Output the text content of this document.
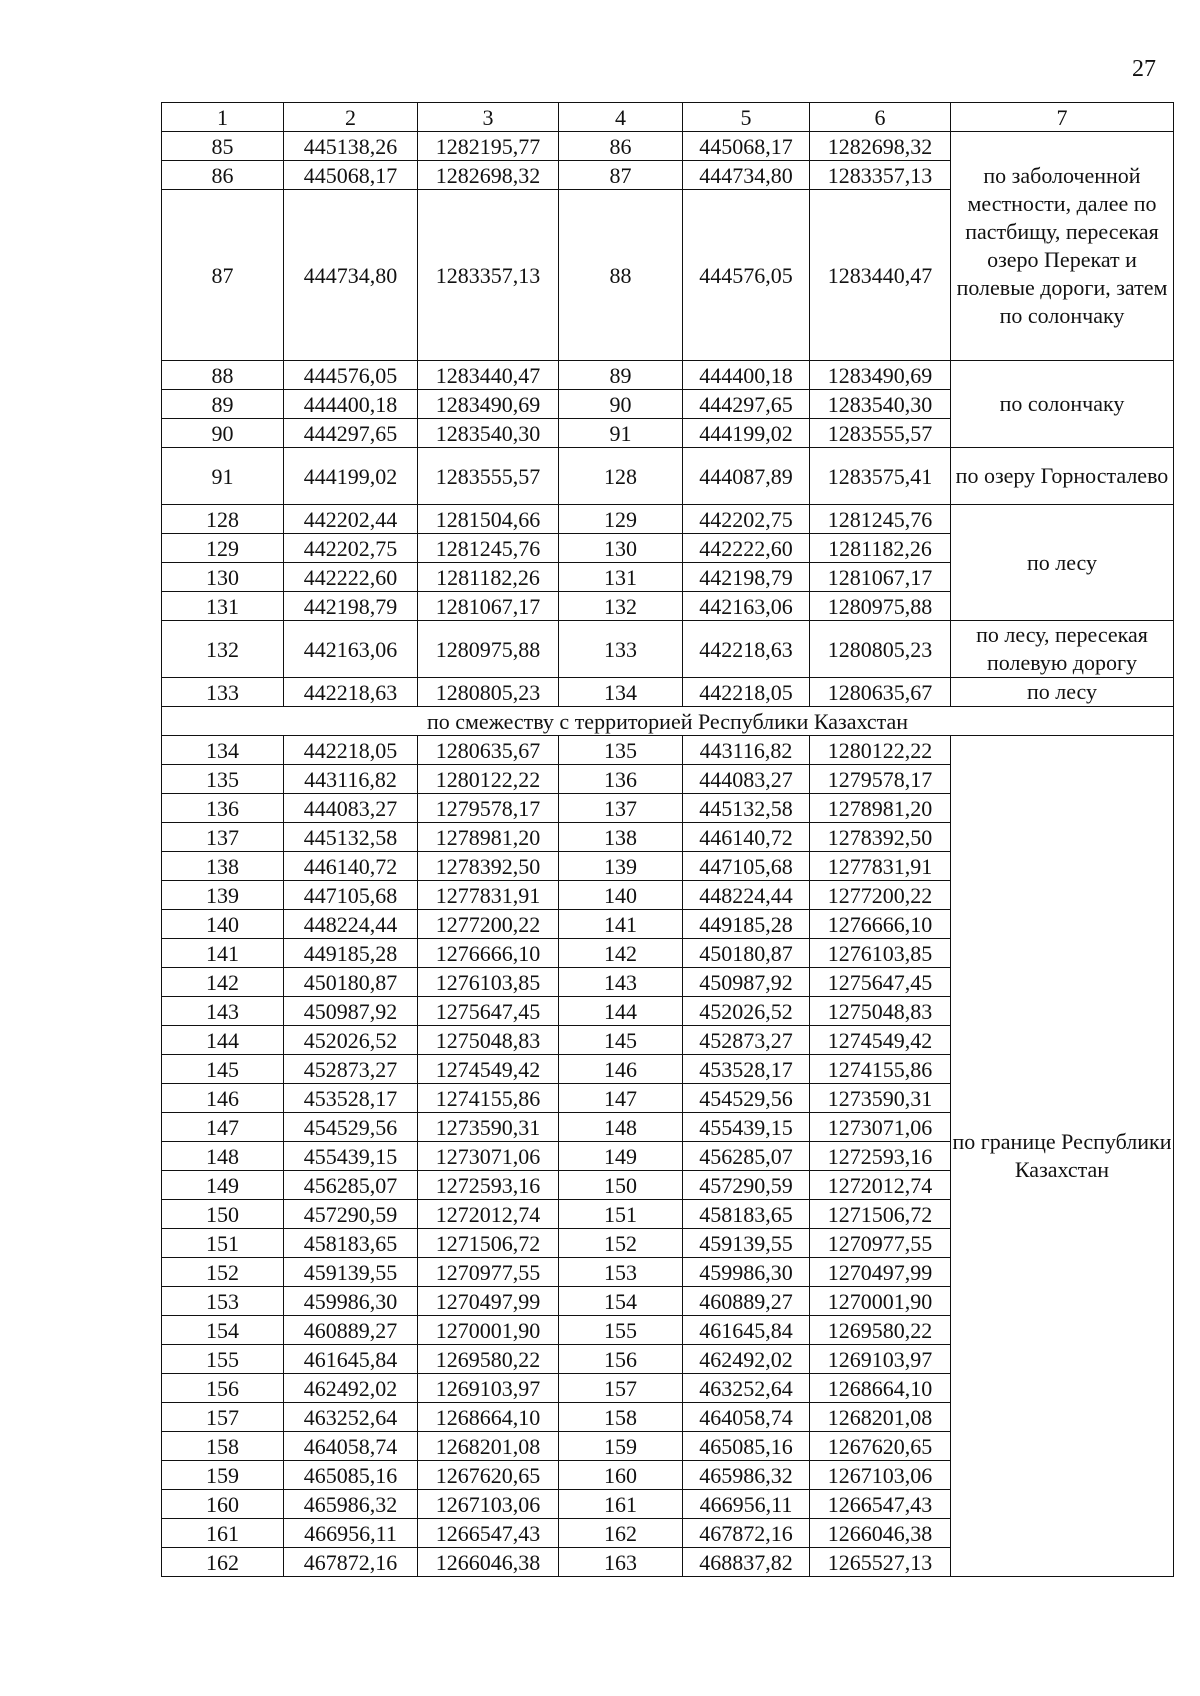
27
1	2	3	4	5	6	7
85	445138,26	1282195,77	86	445068,17	1282698,32	по заболоченной местности, далее по пастбищу, пересекая озеро Перекат и полевые дороги, затем по солончаку
86	445068,17	1282698,32	87	444734,80	1283357,13	
87	444734,80	1283357,13	88	444576,05	1283440,47	
88	444576,05	1283440,47	89	444400,18	1283490,69	по солончаку
89	444400,18	1283490,69	90	444297,65	1283540,30	
90	444297,65	1283540,30	91	444199,02	1283555,57	
91	444199,02	1283555,57	128	444087,89	1283575,41	по озеру Горносталево
128	442202,44	1281504,66	129	442202,75	1281245,76	по лесу
129	442202,75	1281245,76	130	442222,60	1281182,26	
130	442222,60	1281182,26	131	442198,79	1281067,17	
131	442198,79	1281067,17	132	442163,06	1280975,88	
132	442163,06	1280975,88	133	442218,63	1280805,23	по лесу, пересекая полевую дорогу
133	442218,63	1280805,23	134	442218,05	1280635,67	по лесу
по смежеству с территорией Республики Казахстан						
134	442218,05	1280635,67	135	443116,82	1280122,22	по границе Республики Казахстан
135	443116,82	1280122,22	136	444083,27	1279578,17	
136	444083,27	1279578,17	137	445132,58	1278981,20	
137	445132,58	1278981,20	138	446140,72	1278392,50	
138	446140,72	1278392,50	139	447105,68	1277831,91	
139	447105,68	1277831,91	140	448224,44	1277200,22	
140	448224,44	1277200,22	141	449185,28	1276666,10	
141	449185,28	1276666,10	142	450180,87	1276103,85	
142	450180,87	1276103,85	143	450987,92	1275647,45	
143	450987,92	1275647,45	144	452026,52	1275048,83	
144	452026,52	1275048,83	145	452873,27	1274549,42	
145	452873,27	1274549,42	146	453528,17	1274155,86	
146	453528,17	1274155,86	147	454529,56	1273590,31	
147	454529,56	1273590,31	148	455439,15	1273071,06	
148	455439,15	1273071,06	149	456285,07	1272593,16	
149	456285,07	1272593,16	150	457290,59	1272012,74	
150	457290,59	1272012,74	151	458183,65	1271506,72	
151	458183,65	1271506,72	152	459139,55	1270977,55	
152	459139,55	1270977,55	153	459986,30	1270497,99	
153	459986,30	1270497,99	154	460889,27	1270001,90	
154	460889,27	1270001,90	155	461645,84	1269580,22	
155	461645,84	1269580,22	156	462492,02	1269103,97	
156	462492,02	1269103,97	157	463252,64	1268664,10	
157	463252,64	1268664,10	158	464058,74	1268201,08	
158	464058,74	1268201,08	159	465085,16	1267620,65	
159	465085,16	1267620,65	160	465986,32	1267103,06	
160	465986,32	1267103,06	161	466956,11	1266547,43	
161	466956,11	1266547,43	162	467872,16	1266046,38	
162	467872,16	1266046,38	163	468837,82	1265527,13	
